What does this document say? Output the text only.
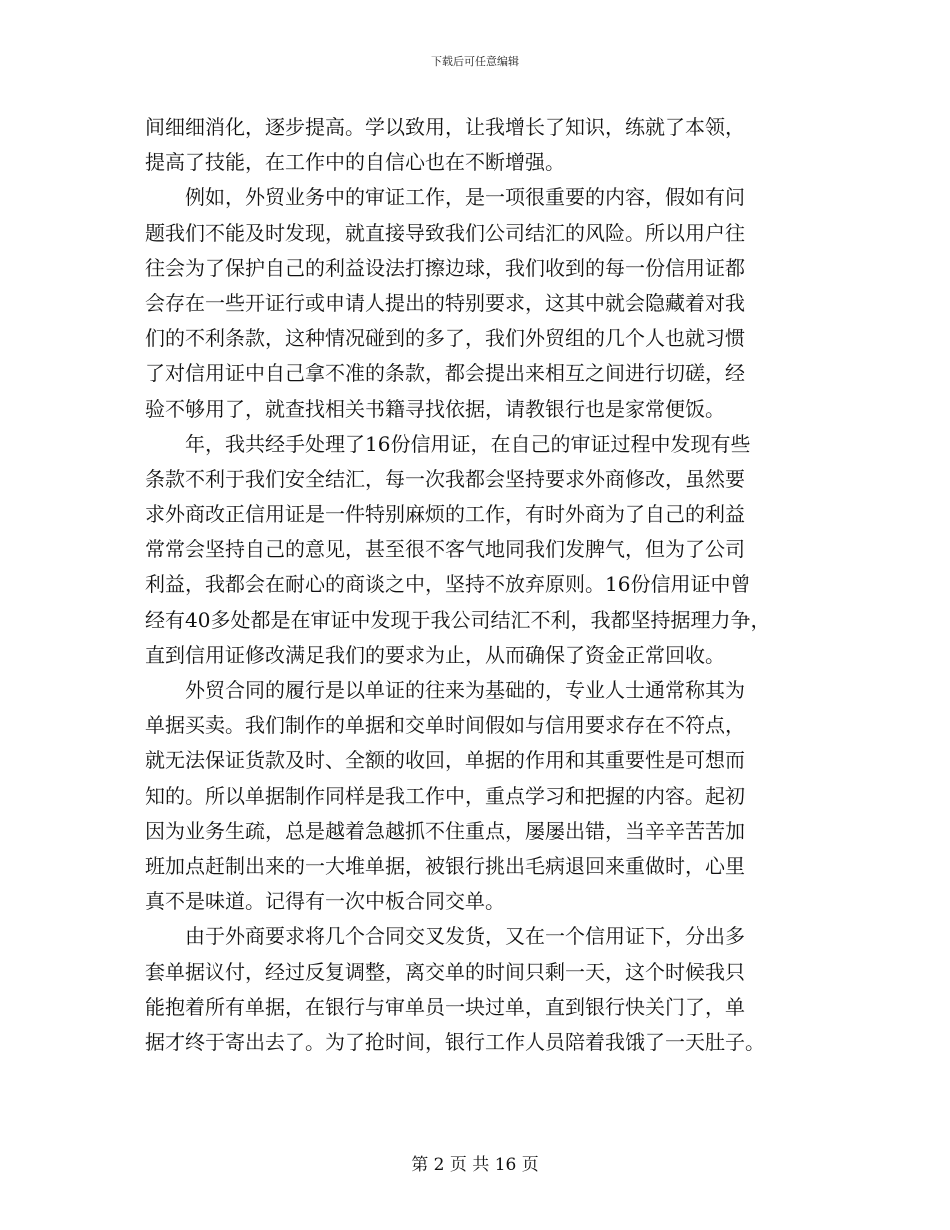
下载后可任意编辑
间细细消化，逐步提高。学以致用，让我增长了知识，练就了本领，
提高了技能，在工作中的自信心也在不断增强。
例如，外贸业务中的审证工作，是一项很重要的内容，假如有问
题我们不能及时发现，就直接导致我们公司结汇的风险。所以用户往
往会为了保护自己的利益设法打擦边球，我们收到的每一份信用证都
会存在一些开证行或申请人提出的特别要求，这其中就会隐藏着对我
们的不利条款，这种情况碰到的多了，我们外贸组的几个人也就习惯
了对信用证中自己拿不准的条款，都会提出来相互之间进行切磋，经
验不够用了，就查找相关书籍寻找依据，请教银行也是家常便饭。
年，我共经手处理了16份信用证，在自己的审证过程中发现有些
条款不利于我们安全结汇，每一次我都会坚持要求外商修改，虽然要
求外商改正信用证是一件特别麻烦的工作，有时外商为了自己的利益
常常会坚持自己的意见，甚至很不客气地同我们发脾气，但为了公司
利益，我都会在耐心的商谈之中，坚持不放弃原则。16份信用证中曾
经有40多处都是在审证中发现于我公司结汇不利，我都坚持据理力争，
直到信用证修改满足我们的要求为止，从而确保了资金正常回收。
外贸合同的履行是以单证的往来为基础的，专业人士通常称其为
单据买卖。我们制作的单据和交单时间假如与信用要求存在不符点，
就无法保证货款及时、全额的收回，单据的作用和其重要性是可想而
知的。所以单据制作同样是我工作中，重点学习和把握的内容。起初
因为业务生疏，总是越着急越抓不住重点，屡屡出错，当辛辛苦苦加
班加点赶制出来的一大堆单据，被银行挑出毛病退回来重做时，心里
真不是味道。记得有一次中板合同交单。
由于外商要求将几个合同交叉发货，又在一个信用证下，分出多
套单据议付，经过反复调整，离交单的时间只剩一天，这个时候我只
能抱着所有单据，在银行与审单员一块过单，直到银行快关门了，单
据才终于寄出去了。为了抢时间，银行工作人员陪着我饿了一天肚子。
第 2 页 共 16 页
